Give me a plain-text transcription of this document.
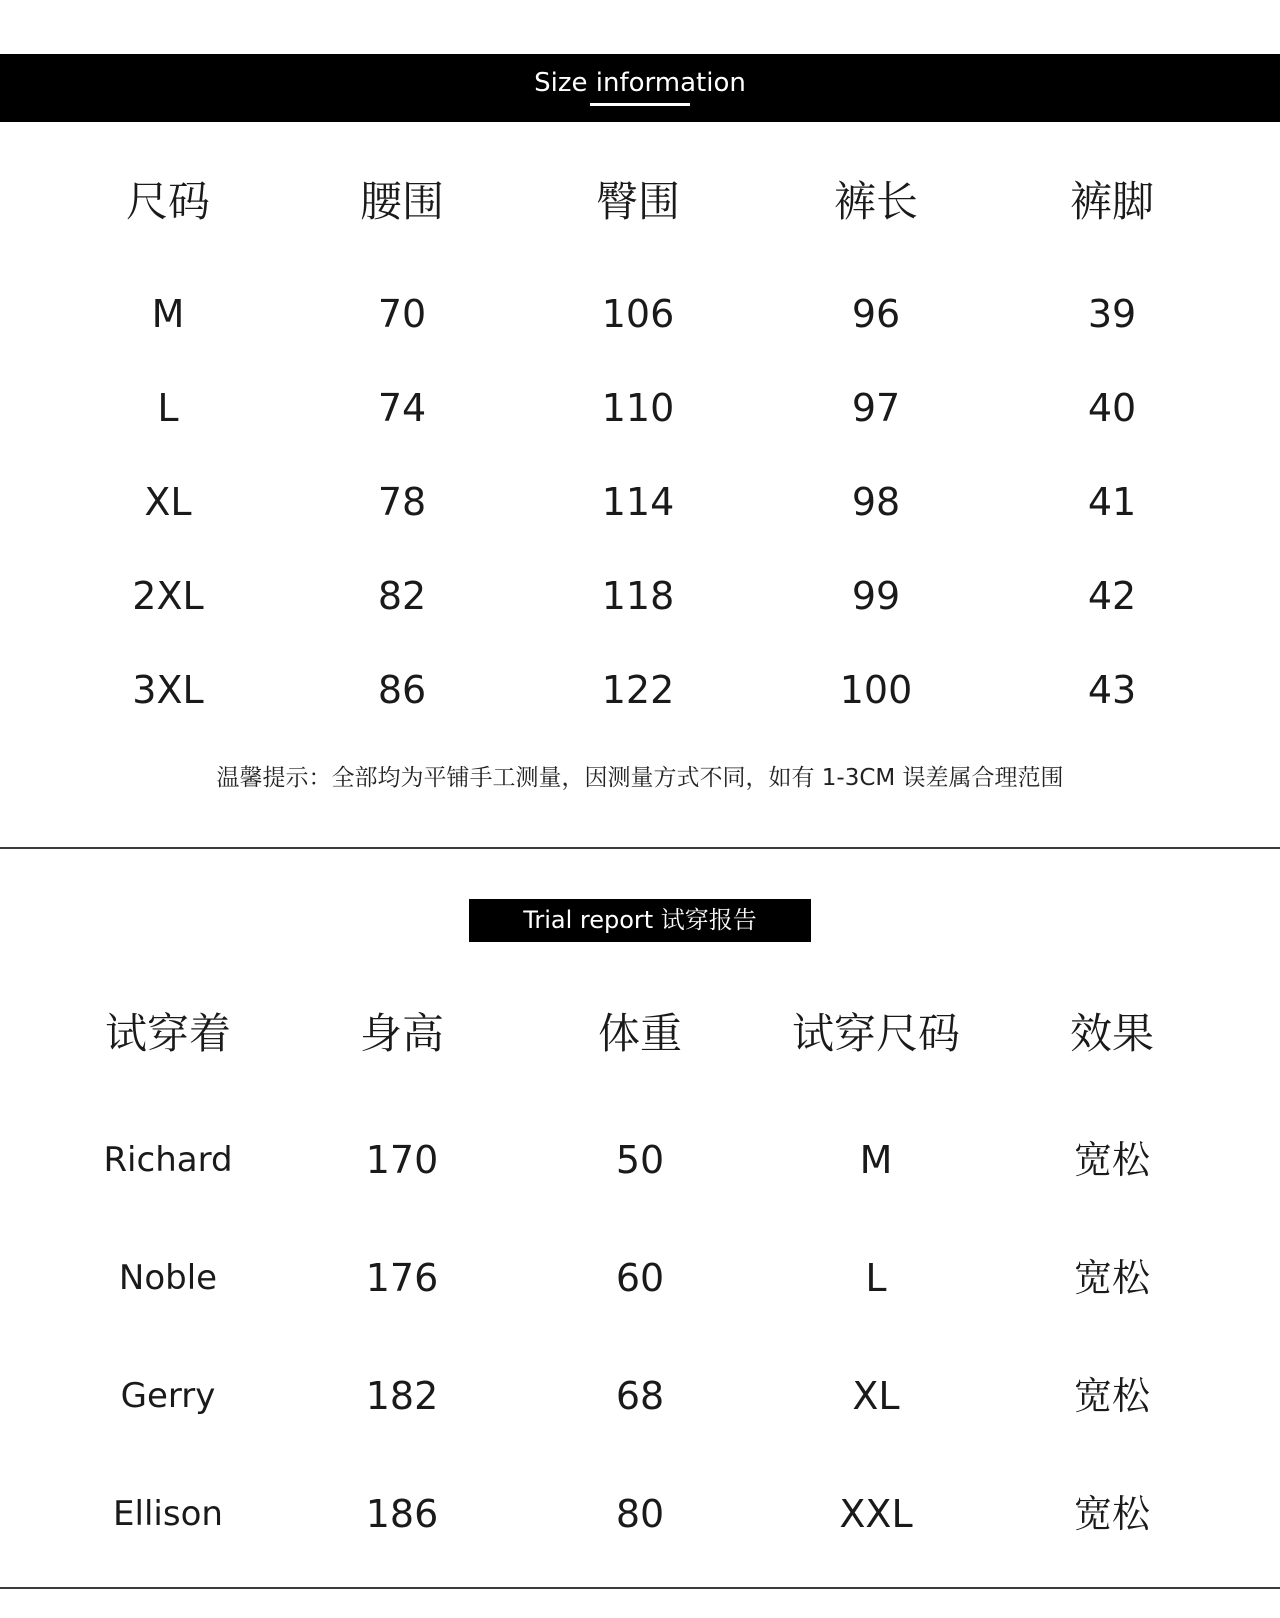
Size information
尺码	腰围	臀围	裤长	裤脚
M	70	106	96	39
L	74	110	97	40
XL	78	114	98	41
2XL	82	118	99	42
3XL	86	122	100	43
温馨提示：全部均为平铺手工测量，因测量方式不同，如有 1-3CM 误差属合理范围
Trial report 试穿报告
试穿着	身高	体重	试穿尺码	效果
Richard	170	50	M	宽松
Noble	176	60	L	宽松
Gerry	182	68	XL	宽松
Ellison	186	80	XXL	宽松
